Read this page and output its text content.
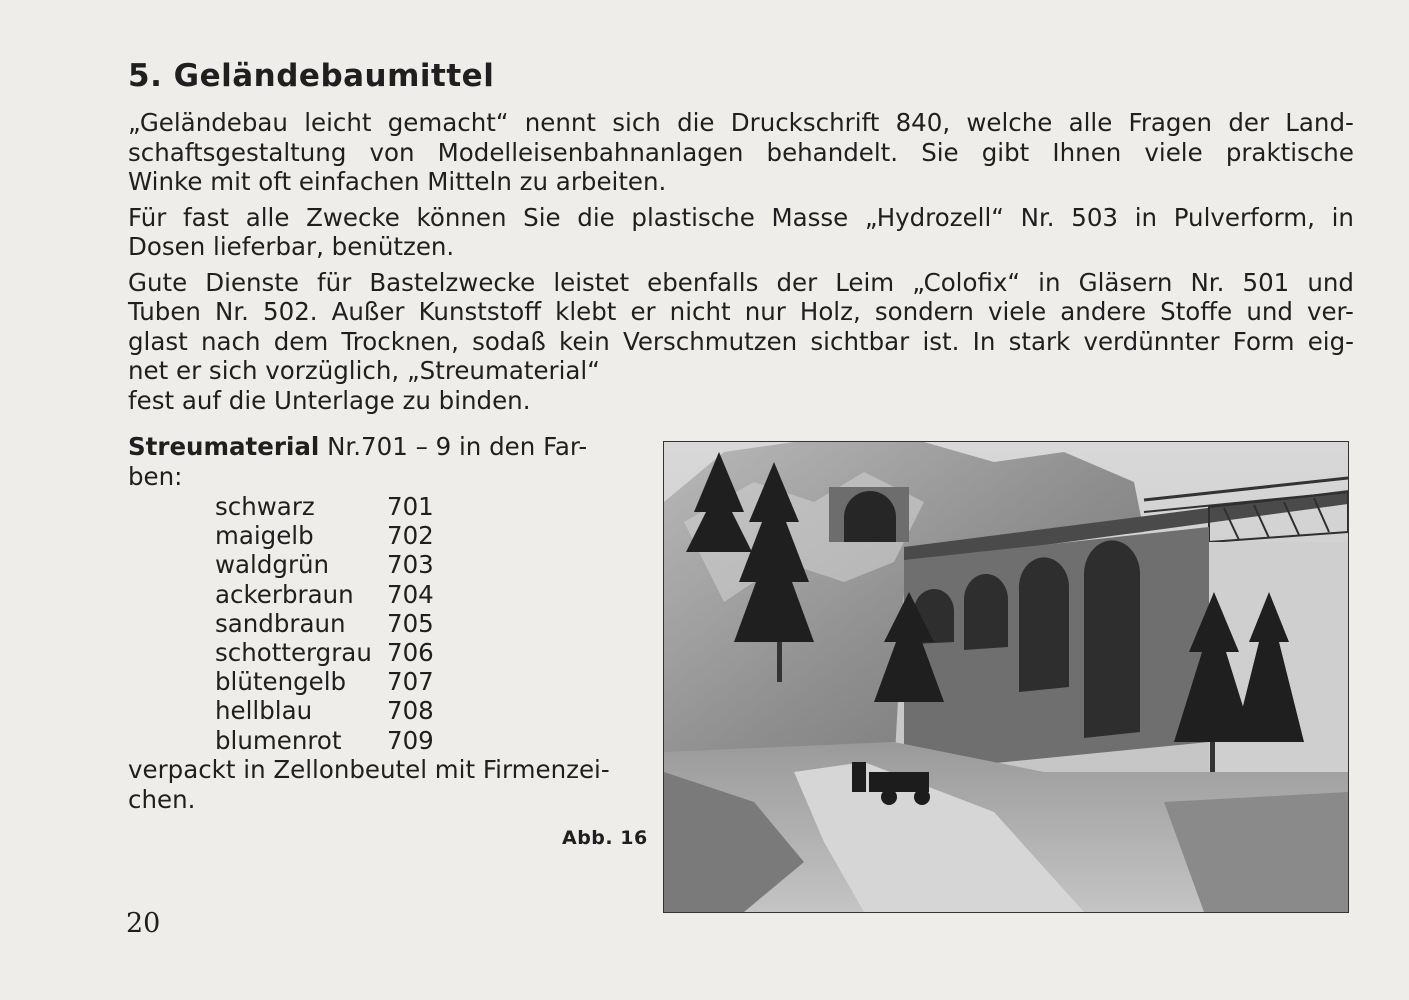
5. Geländebaumittel

„Geländebau leicht gemacht“ nennt sich die Druckschrift 840, welche alle Fragen der Land-
schaftsgestaltung von Modelleisenbahnanlagen behandelt. Sie gibt Ihnen viele praktische
Winke mit oft einfachen Mitteln zu arbeiten.

Für fast alle Zwecke können Sie die plastische Masse „Hydrozell“ Nr. 503 in Pulverform, in
Dosen lieferbar, benützen.

Gute Dienste für Bastelzwecke leistet ebenfalls der Leim „Colofix“ in Gläsern Nr. 501 und
Tuben Nr. 502. Außer Kunststoff klebt er nicht nur Holz, sondern viele andere Stoffe und ver-
glast nach dem Trocknen, sodaß kein Verschmutzen sichtbar ist. In stark verdünnter Form eig-
net er sich vorzüglich, „Streumaterial“
fest auf die Unterlage zu binden.

Streumaterial Nr.701 – 9 in den Far-

ben:

schwarz	701
maigelb	702
waldgrün	703
ackerbraun	704
sandbraun	705
schottergrau 706
blütengelb	707
hellblau	708
blumenrot	709

verpackt in Zellonbeutel mit Firmenzei-

chen.

Abb. 16
20
